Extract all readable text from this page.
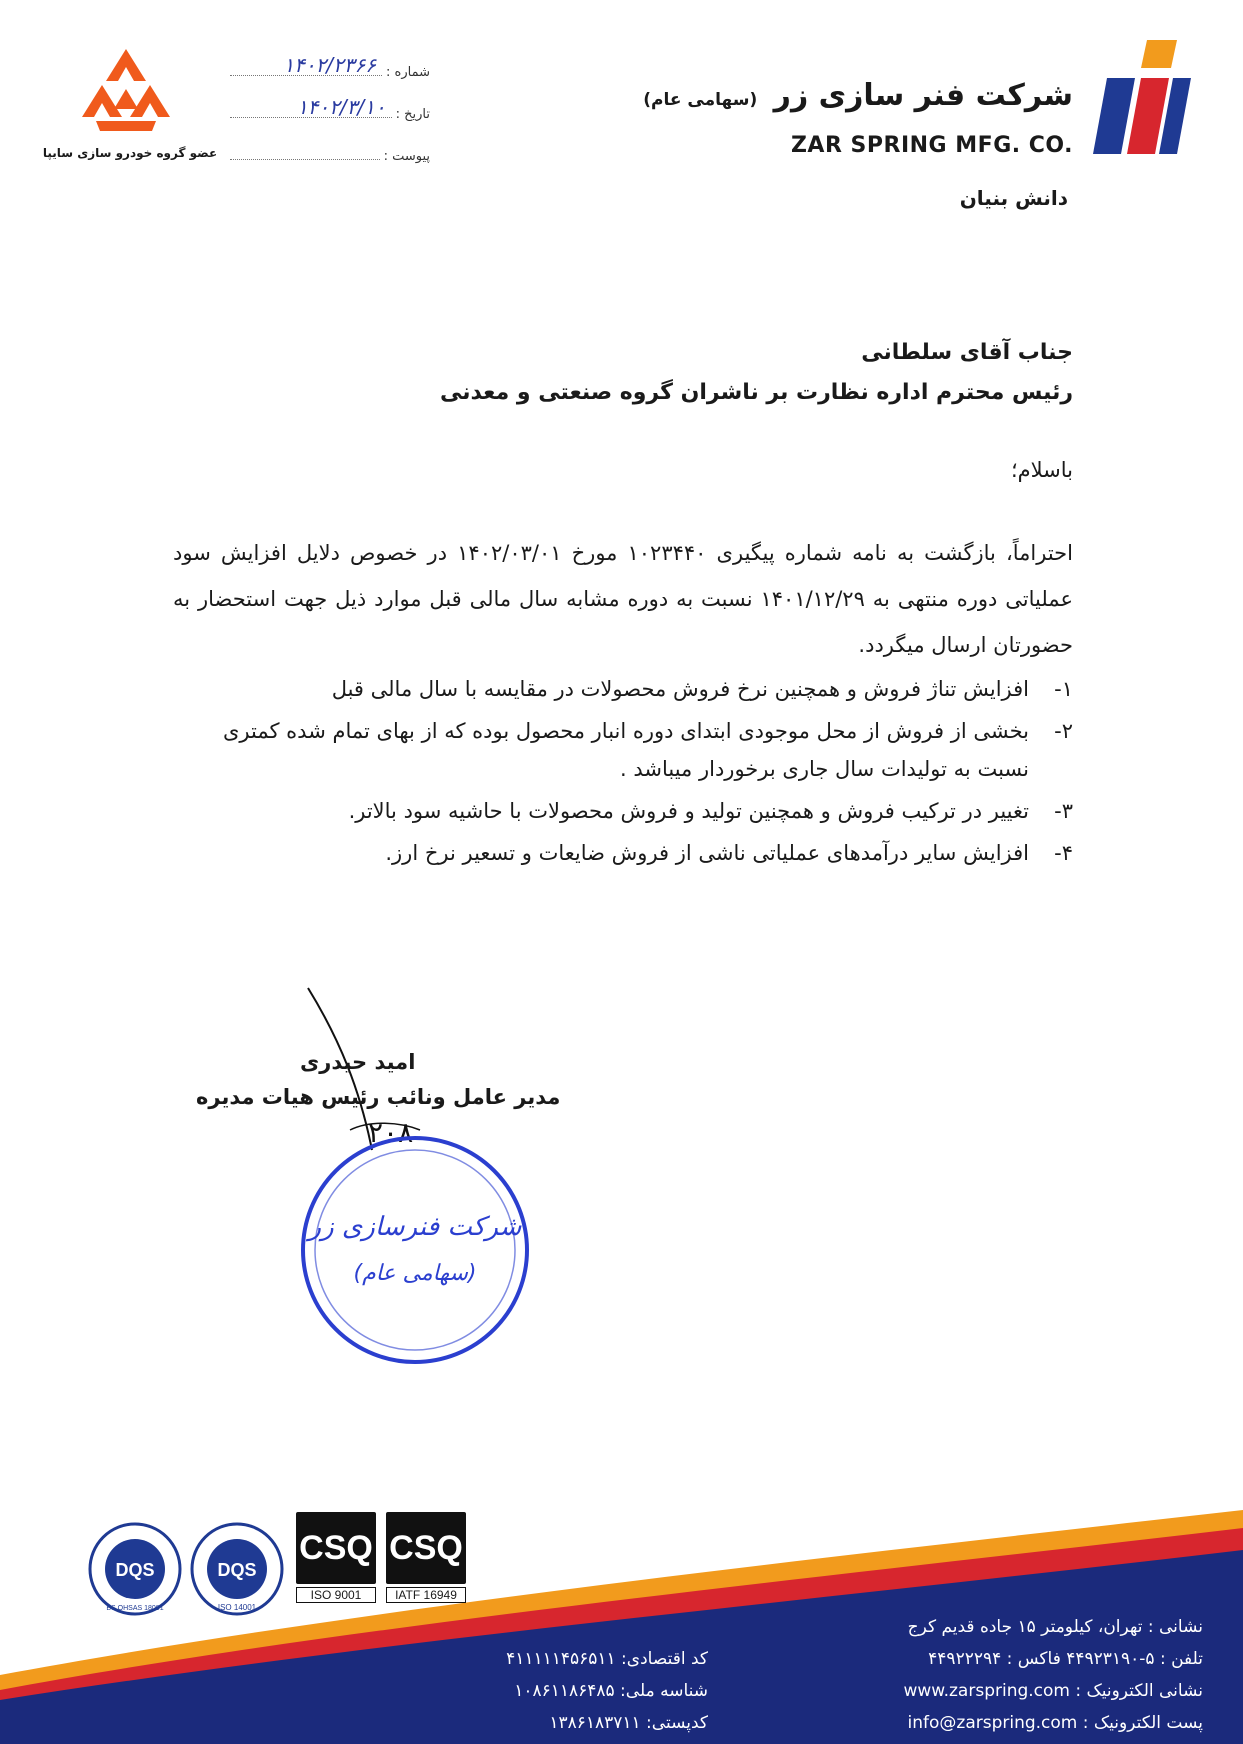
شرکت فنر سازی زر (سهامی عام)
ZAR SPRING MFG. CO.
دانش بنیان
عضو گروه خودرو سازی سایپا
شماره :
۱۴۰۲/۲۳۶۶
تاریخ :
۱۴۰۲/۳/۱۰
پیوست :
جناب آقای سلطانی
رئیس محترم اداره نظارت بر ناشران گروه صنعتی و معدنی
باسلام؛
احتراماً، بازگشت به نامه شماره پیگیری ۱۰۲۳۴۴۰ مورخ ۱۴۰۲/۰۳/۰۱ در خصوص دلایل افزایش سود عملیاتی دوره منتهی به ۱۴۰۱/۱۲/۲۹ نسبت به دوره مشابه سال مالی قبل موارد ذیل جهت استحضار به حضورتان ارسال میگردد.
۱-
افزایش تناژ فروش و همچنین نرخ فروش محصولات در مقایسه با سال مالی قبل
۲-
بخشی از فروش از محل موجودی ابتدای دوره انبار محصول بوده که از بهای تمام شده کمتری نسبت به تولیدات سال جاری برخوردار میباشد .
۳-
تغییر در ترکیب فروش و همچنین تولید و فروش محصولات با حاشیه سود بالاتر.
۴-
افزایش سایر درآمدهای عملیاتی ناشی از فروش ضایعات و تسعیر نرخ ارز.
۲۰۸
امید حیدری
مدیر عامل ونائب رئیس هیات مدیره
شرکت فنرسازی زر
(سهامی عام)
DQS
BS OHSAS 18001
DQS
ISO 14001
CSQ
ISO 9001
CSQ
IATF 16949
نشانی : تهران، کیلومتر ۱۵ جاده قدیم کرج
تلفن : ۵-۴۴۹۲۳۱۹۰ فاکس : ۴۴۹۲۲۲۹۴
نشانی الکترونیک : www.zarspring.com
پست الکترونیک : info@zarspring.com
کد اقتصادی: ۴۱۱۱۱۱۴۵۶۵۱۱
شناسه ملی: ۱۰۸۶۱۱۸۶۴۸۵
کدپستی: ۱۳۸۶۱۸۳۷۱۱
